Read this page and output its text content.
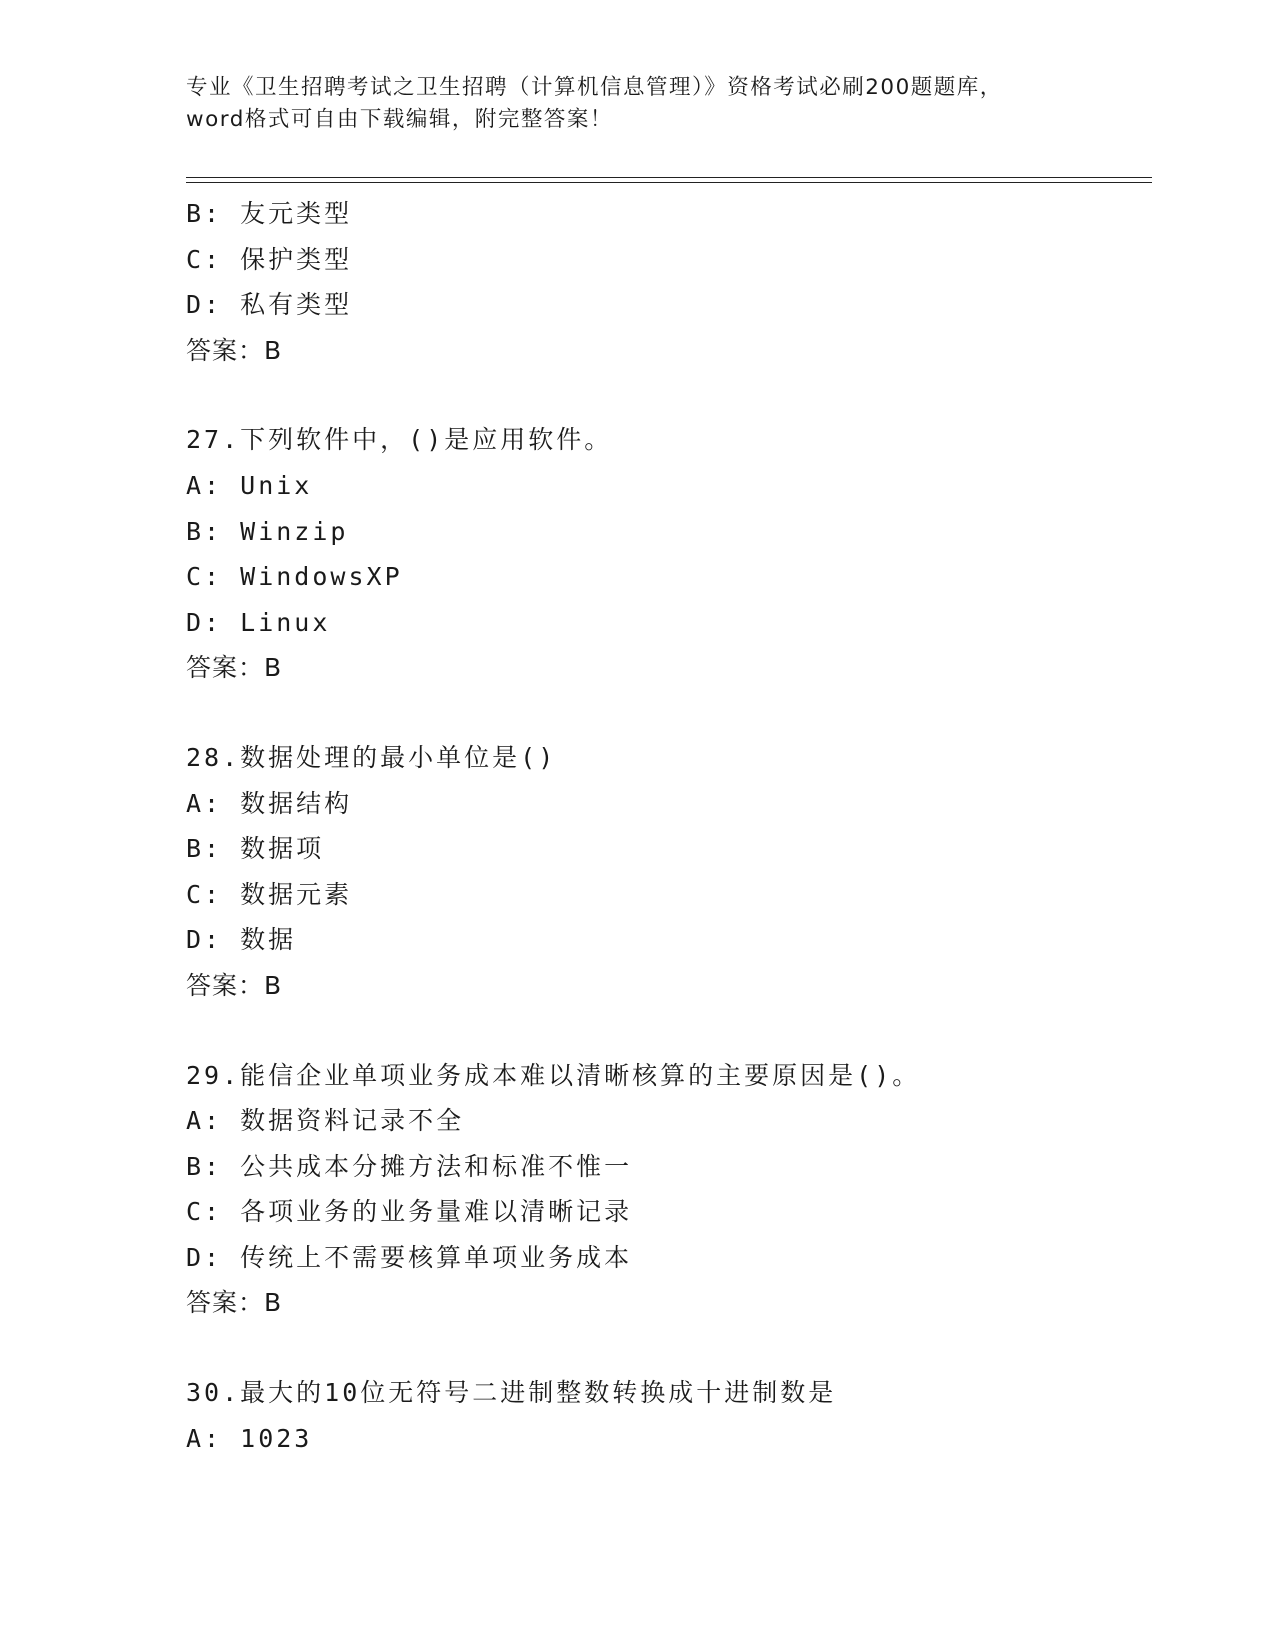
专业《卫生招聘考试之卫生招聘（计算机信息管理）》资格考试必刷200题题库，
word格式可自由下载编辑，附完整答案！
B: 友元类型
C: 保护类型
D: 私有类型
答案：B
27.下列软件中，()是应用软件。
A: Unix
B: Winzip
C: WindowsXP
D: Linux
答案：B
28.数据处理的最小单位是()
A: 数据结构
B: 数据项
C: 数据元素
D: 数据
答案：B
29.能信企业单项业务成本难以清晰核算的主要原因是()。
A: 数据资料记录不全
B: 公共成本分摊方法和标准不惟一
C: 各项业务的业务量难以清晰记录
D: 传统上不需要核算单项业务成本
答案：B
30.最大的10位无符号二进制整数转换成十进制数是
A: 1023
